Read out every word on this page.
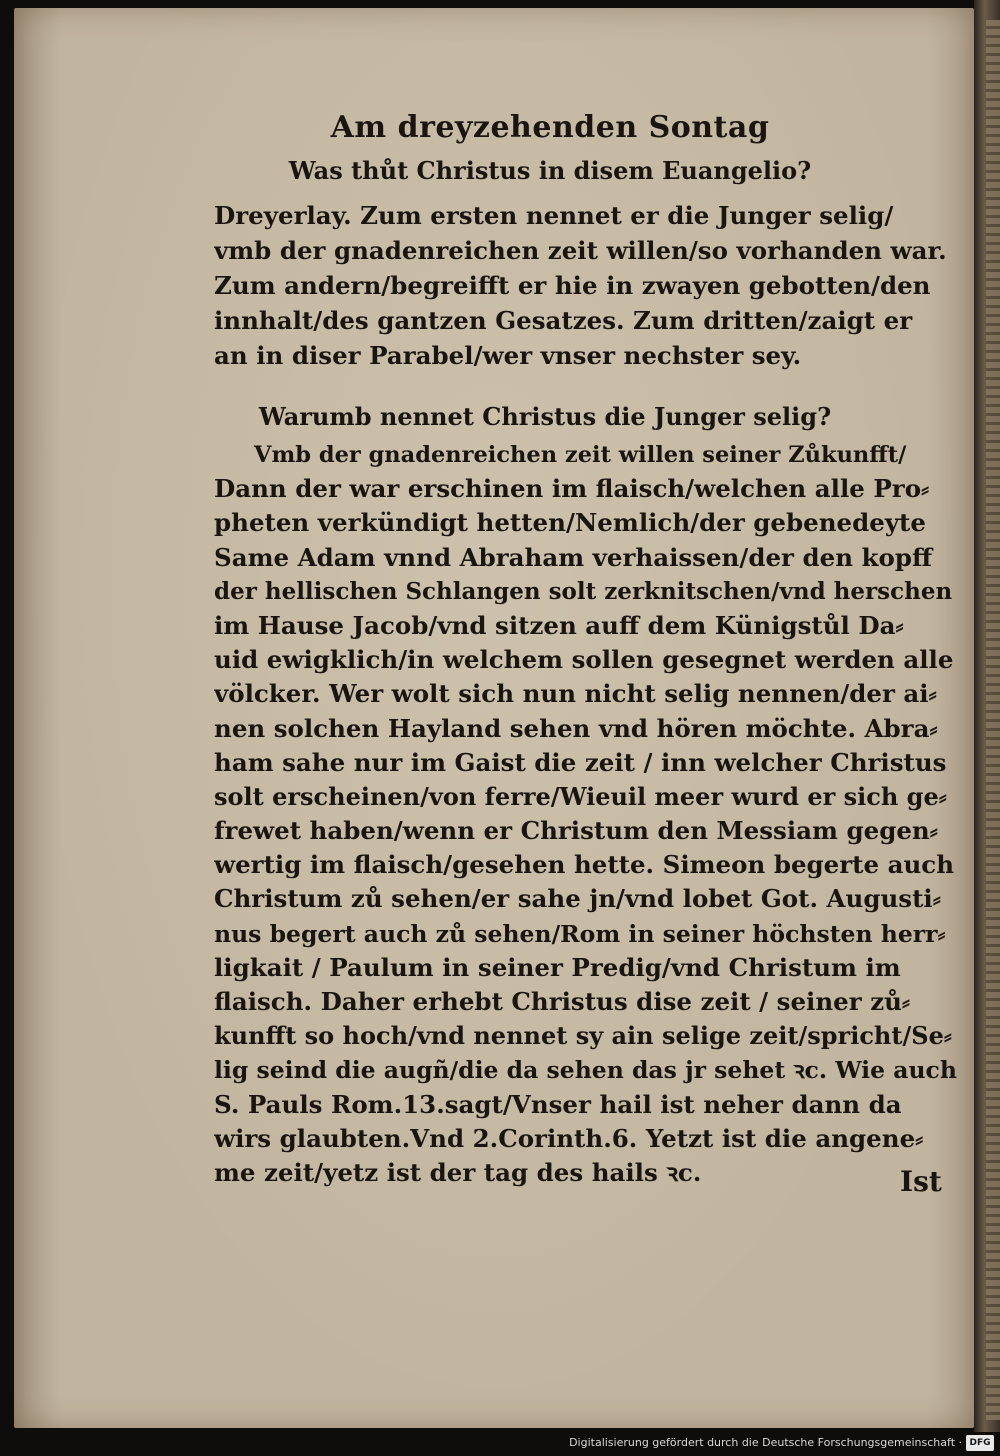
Am dreyzehenden Sontag
Was thůt Christus in disem Euangelio?
Dreyerlay. Zum ersten nennet er die Junger selig/
vmb der gnadenreichen zeit willen/so vorhanden war.
Zum andern/begreifft er hie in zwayen gebotten/den
innhalt/des gantzen Gesatzes. Zum dritten/zaigt er
an in diser Parabel/wer vnser nechster sey.
Warumb nennet Christus die Junger selig?
Vmb der gnadenreichen zeit willen seiner Zůkunfft/
Dann der war erschinen im flaisch/welchen alle Pro⸗
pheten verkündigt hetten/Nemlich/der gebenedeyte
Same Adam vnnd Abraham verhaissen/der den kopff
der hellischen Schlangen solt zerknitschen/vnd herschen
im Hause Jacob/vnd sitzen auff dem Künigstůl Da⸗
uid ewigklich/in welchem sollen gesegnet werden alle
völcker. Wer wolt sich nun nicht selig nennen/der ai⸗
nen solchen Hayland sehen vnd hören möchte. Abra⸗
ham sahe nur im Gaist die zeit / inn welcher Christus
solt erscheinen/von ferre/Wieuil meer wurd er sich ge⸗
frewet haben/wenn er Christum den Messiam gegen⸗
wertig im flaisch/gesehen hette. Simeon begerte auch
Christum zů sehen/er sahe jn/vnd lobet Got. Augusti⸗
nus begert auch zů sehen/Rom in seiner höchsten herr⸗
ligkait / Paulum in seiner Predig/vnd Christum im
flaisch. Daher erhebt Christus dise zeit / seiner zů⸗
kunfft so hoch/vnd nennet sy ain selige zeit/spricht/Se⸗
lig seind die augñ/die da sehen das jr sehet ꝛc. Wie auch
S. Pauls Rom.13.sagt/Vnser hail ist neher dann da
wirs glaubten.Vnd 2.Corinth.6. Yetzt ist die angene⸗
me zeit/yetz ist der tag des hails ꝛc.	Ist
Digitalisierung gefördert durch die Deutsche Forschungsgemeinschaft · DFG
